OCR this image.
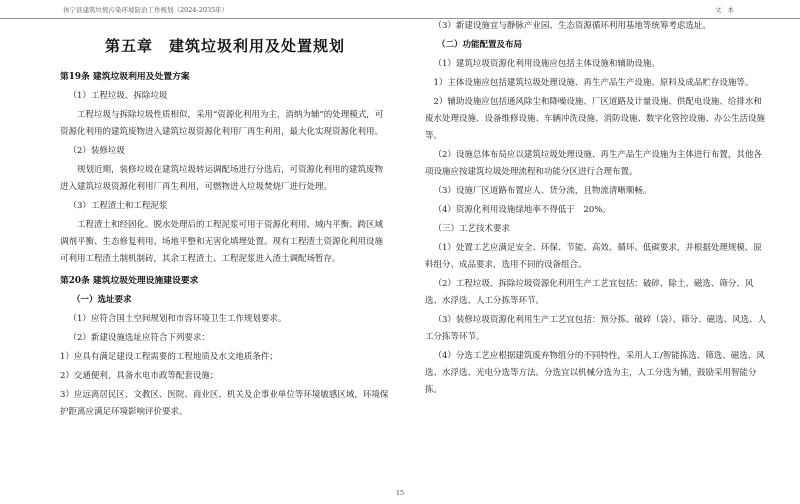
休宁县建筑垃圾污染环境防治工作规划（2024-2035年）	文本
第五章　建筑垃圾利用及处置规划
第19条 建筑垃圾利用及处置方案

（1）工程垃圾、拆除垃圾

工程垃圾与拆除垃圾性质相似，采用“资源化利用为主，消纳为辅”的处理模式，可资源化利用的建筑废物进入建筑垃圾资源化利用厂再生利用，最大化实现资源化利用。

（2）装修垃圾

规划近期，装修垃圾在建筑垃圾转运调配场进行分选后，可资源化利用的建筑废物进入建筑垃圾资源化利用厂再生利用，可燃物进入垃圾焚烧厂进行处理。

（3）工程渣土和工程泥浆

工程渣土和经固化、脱水处理后的工程泥浆可用于资源化利用、域内平衡、跨区域调剂平衡、生态修复利用、场地平整和无害化填埋处置。现有工程渣土资源化利用设施可利用工程渣土制机制砖，其余工程渣土、工程泥浆进入渣土调配场暂存。

第20条 建筑垃圾处理设施建设要求

（一）选址要求

（1）应符合国土空间规划和市容环境卫生工作规划要求。

（2）新建设施选址应符合下列要求：

1）应具有满足建设工程需要的工程地质及水文地质条件；

2）交通便利，具备水电市政等配套设施；

3）应远离居民区、文教区、医院、商业区、机关及企事业单位等环境敏感区域，环境保护距离应满足环境影响评价要求。

（3）新建设施宜与静脉产业园、生态资源循环利用基地等统筹考虑选址。

（二）功能配置及布局

（1）建筑垃圾资源化利用设施应包括主体设施和辅助设施。

1）主体设施应包括建筑垃圾处理设施、再生产品生产设施、原料及成品贮存设施等。

2）辅助设施应包括通风除尘和降噪设施、厂区道路及计量设施、供配电设施、给排水和废水处理设施、设备维修设施、车辆冲洗设施、消防设施、数字化管控设施、办公生活设施等。

（2）设施总体布局应以建筑垃圾处理设施、再生产品生产设施为主体进行布置，其他各项设施应按建筑垃圾处理流程和功能分区进行合理布置。

（3）设施厂区道路布置应人、货分流，且物流清晰顺畅。

（4）资源化利用设施绿地率不得低于　20%。

（三）工艺技术要求

（1）处置工艺应满足安全、环保、节能、高效、循环、低碳要求，并根据处理规模、原料组分、成品要求，选用不同的设备组合。

（2）工程垃圾、拆除垃圾资源化利用生产工艺宜包括：破碎、除土、磁选、筛分、风选、水浮选、人工分拣等环节。

（3）装修垃圾资源化利用生产工艺宜包括：预分拣、破碎（袋）、筛分、磁选、风选、人工分拣等环节。

（4）分选工艺应根据建筑废弃物组分的不同特性，采用人工/智能拣选、筛选、磁选、风选、水浮选、光电分选等方法。分选宜以机械分选为主，人工分选为辅，鼓励采用智能分拣。

15
